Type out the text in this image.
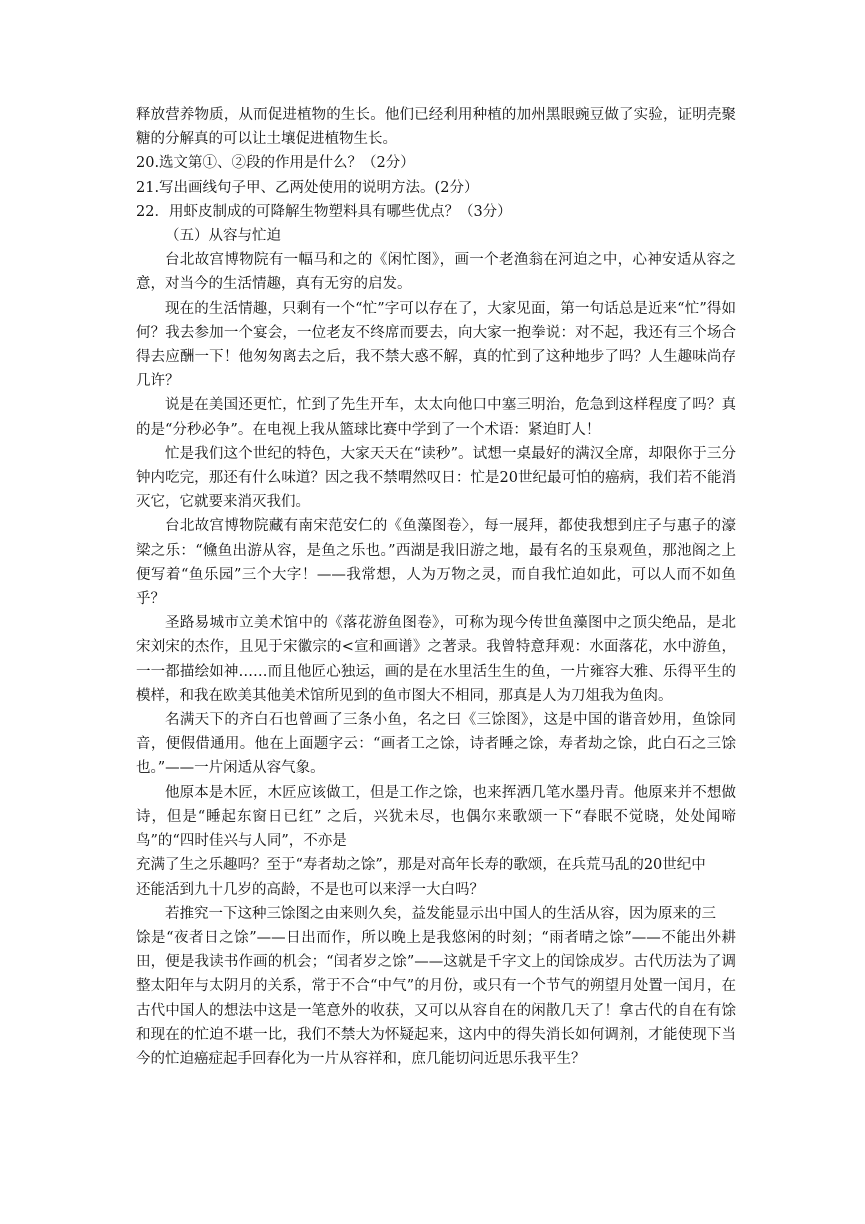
释放营养物质，从而促进植物的生长。他们已经利用种植的加州黑眼豌豆做了实验，证明壳聚糖的分解真的可以让土壤促进植物生长。

20.选文第①、②段的作用是什么？（2分）

21.写出画线句子甲、乙两处使用的说明方法。(2分）

22．用虾皮制成的可降解生物塑料具有哪些优点？（3分）

（五）从容与忙迫

台北故宫博物院有一幅马和之的《闲忙图》，画一个老渔翁在河迫之中，心神安适从容之意，对当今的生活情趣，真有无穷的启发。

现在的生活情趣，只剩有一个“忙”字可以存在了，大家见面，第一句话总是近来“忙”得如何？我去参加一个宴会，一位老友不终席而要去，向大家一抱拳说：对不起，我还有三个场合得去应酬一下！他匆匆离去之后，我不禁大惑不解，真的忙到了这种地步了吗？人生趣味尚存几许？

说是在美国还更忙，忙到了先生开车，太太向他口中塞三明治，危急到这样程度了吗？真的是“分秒必争”。在电视上我从篮球比赛中学到了一个术语：紧迫盯人！

忙是我们这个世纪的特色，大家天天在“读秒”。试想一桌最好的满汉全席，却限你于三分钟内吃完，那还有什么味道？因之我不禁喟然叹日：忙是20世纪最可怕的癌病，我们若不能消灭它，它就要来消灭我们。

台北故宫博物院藏有南宋范安仁的《鱼藻图卷〉，每一展拜，都使我想到庄子与惠子的濠梁之乐：“儵鱼出游从容，是鱼之乐也。”西湖是我旧游之地，最有名的玉泉观鱼，那池阁之上便写着“鱼乐园”三个大字！——我常想，人为万物之灵，而自我忙迫如此，可以人而不如鱼乎？

圣路易城市立美术馆中的《落花游鱼图卷》，可称为现今传世鱼藻图中之顶尖绝品，是北宋刘宋的杰作，且见于宋徽宗的<宣和画谱》之著录。我曾特意拜观：水面落花，水中游鱼，一一都描绘如神……而且他匠心独运，画的是在水里活生生的鱼，一片雍容大雅、乐得平生的模样，和我在欧美其他美术馆所见到的鱼市图大不相同，那真是人为刀俎我为鱼肉。

名满天下的齐白石也曾画了三条小鱼，名之曰《三馀图》，这是中国的谐音妙用，鱼馀同音，便假借通用。他在上面题字云：“画者工之馀，诗者睡之馀，寿者劫之馀，此白石之三馀也。”——一片闲适从容气象。

他原本是木匠，木匠应该做工，但是工作之馀，也来挥洒几笔水墨丹青。他原来并不想做诗，但是“睡起东窗日已红” 之后，兴犹未尽，也偶尔来歌颂一下“春眠不觉晓，处处闻啼鸟”的“四时佳兴与人同”，不亦是

充满了生之乐趣吗？至于“寿者劫之馀”，那是对高年长寿的歌颂，在兵荒马乱的20世纪中

还能活到九十几岁的高龄，不是也可以来浮一大白吗？

若推究一下这种三馀图之由来则久矣，益发能显示出中国人的生活从容，因为原来的三

馀是“夜者日之馀”——日出而作，所以晚上是我悠闲的时刻；“雨者晴之馀”——不能出外耕田，便是我读书作画的机会；“闰者岁之馀”——这就是千字文上的闰馀成岁。古代历法为了调整太阳年与太阴月的关系，常于不合“中气”的月份，或只有一个节气的朔望月处置一闰月，在古代中国人的想法中这是一笔意外的收获，又可以从容自在的闲散几天了！拿古代的自在有馀和现在的忙迫不堪一比，我们不禁大为怀疑起来，这内中的得失消长如何调剂，才能使现下当今的忙迫癌症起手回春化为一片从容祥和，庶几能切问近思乐我平生？
